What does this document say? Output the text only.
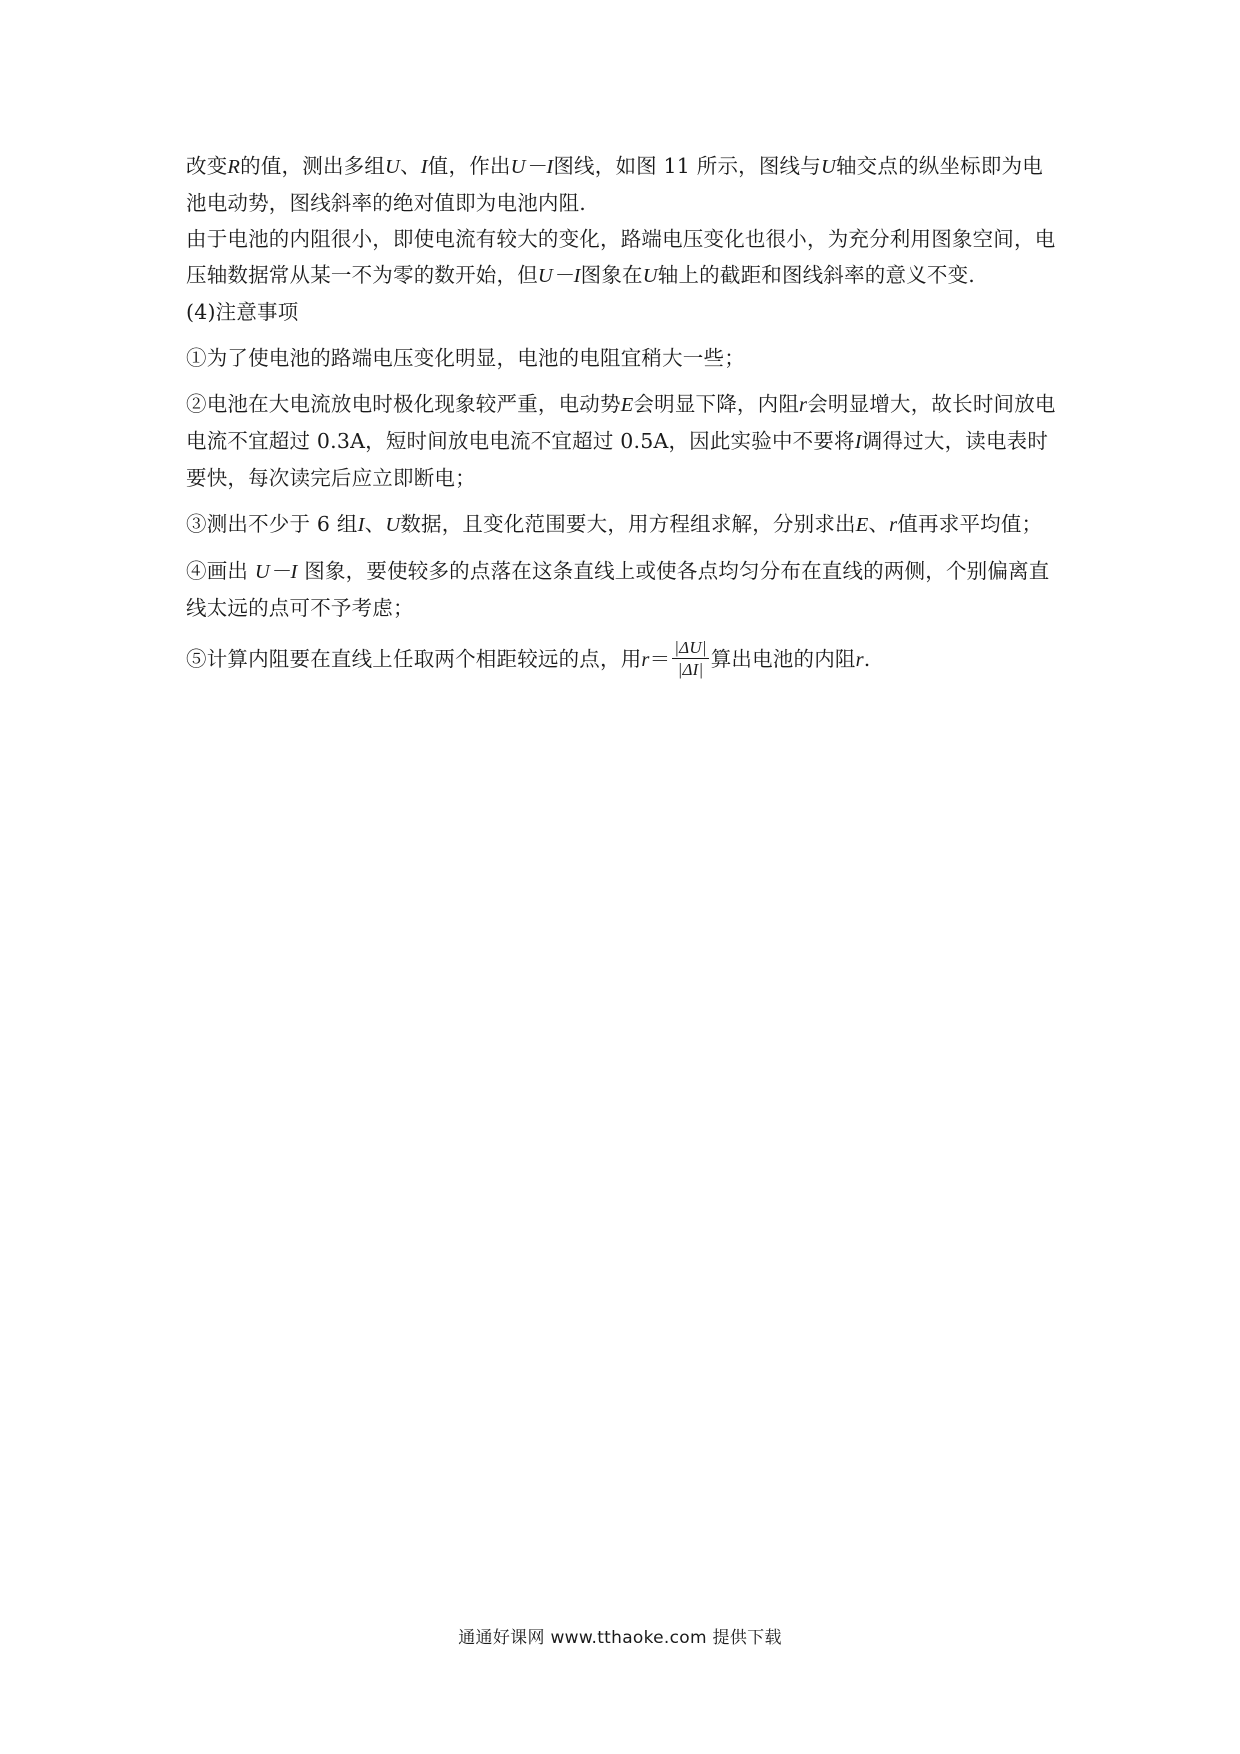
改变R的值，测出多组U、I值，作出U－I图线，如图 11 所示，图线与U轴交点的纵坐标即为电池电动势，图线斜率的绝对值即为电池内阻.

由于电池的内阻很小，即使电流有较大的变化，路端电压变化也很小，为充分利用图象空间，电压轴数据常从某一不为零的数开始，但U－I图象在U轴上的截距和图线斜率的意义不变.

(4)注意事项

①为了使电池的路端电压变化明显，电池的电阻宜稍大一些；

②电池在大电流放电时极化现象较严重，电动势E会明显下降，内阻r会明显增大，故长时间放电电流不宜超过 0.3A，短时间放电电流不宜超过 0.5A，因此实验中不要将I调得过大，读电表时要快，每次读完后应立即断电；

③测出不少于 6 组I、U数据，且变化范围要大，用方程组求解，分别求出E、r值再求平均值；

④画出 U－I 图象，要使较多的点落在这条直线上或使各点均匀分布在直线的两侧，个别偏离直线太远的点可不予考虑；

⑤计算内阻要在直线上任取两个相距较远的点，用$r= \frac{|\Delta U|}{|\Delta I|}$ 算出电池的内阻r.

通通好课网 www.tthaoke.com 提供下载
